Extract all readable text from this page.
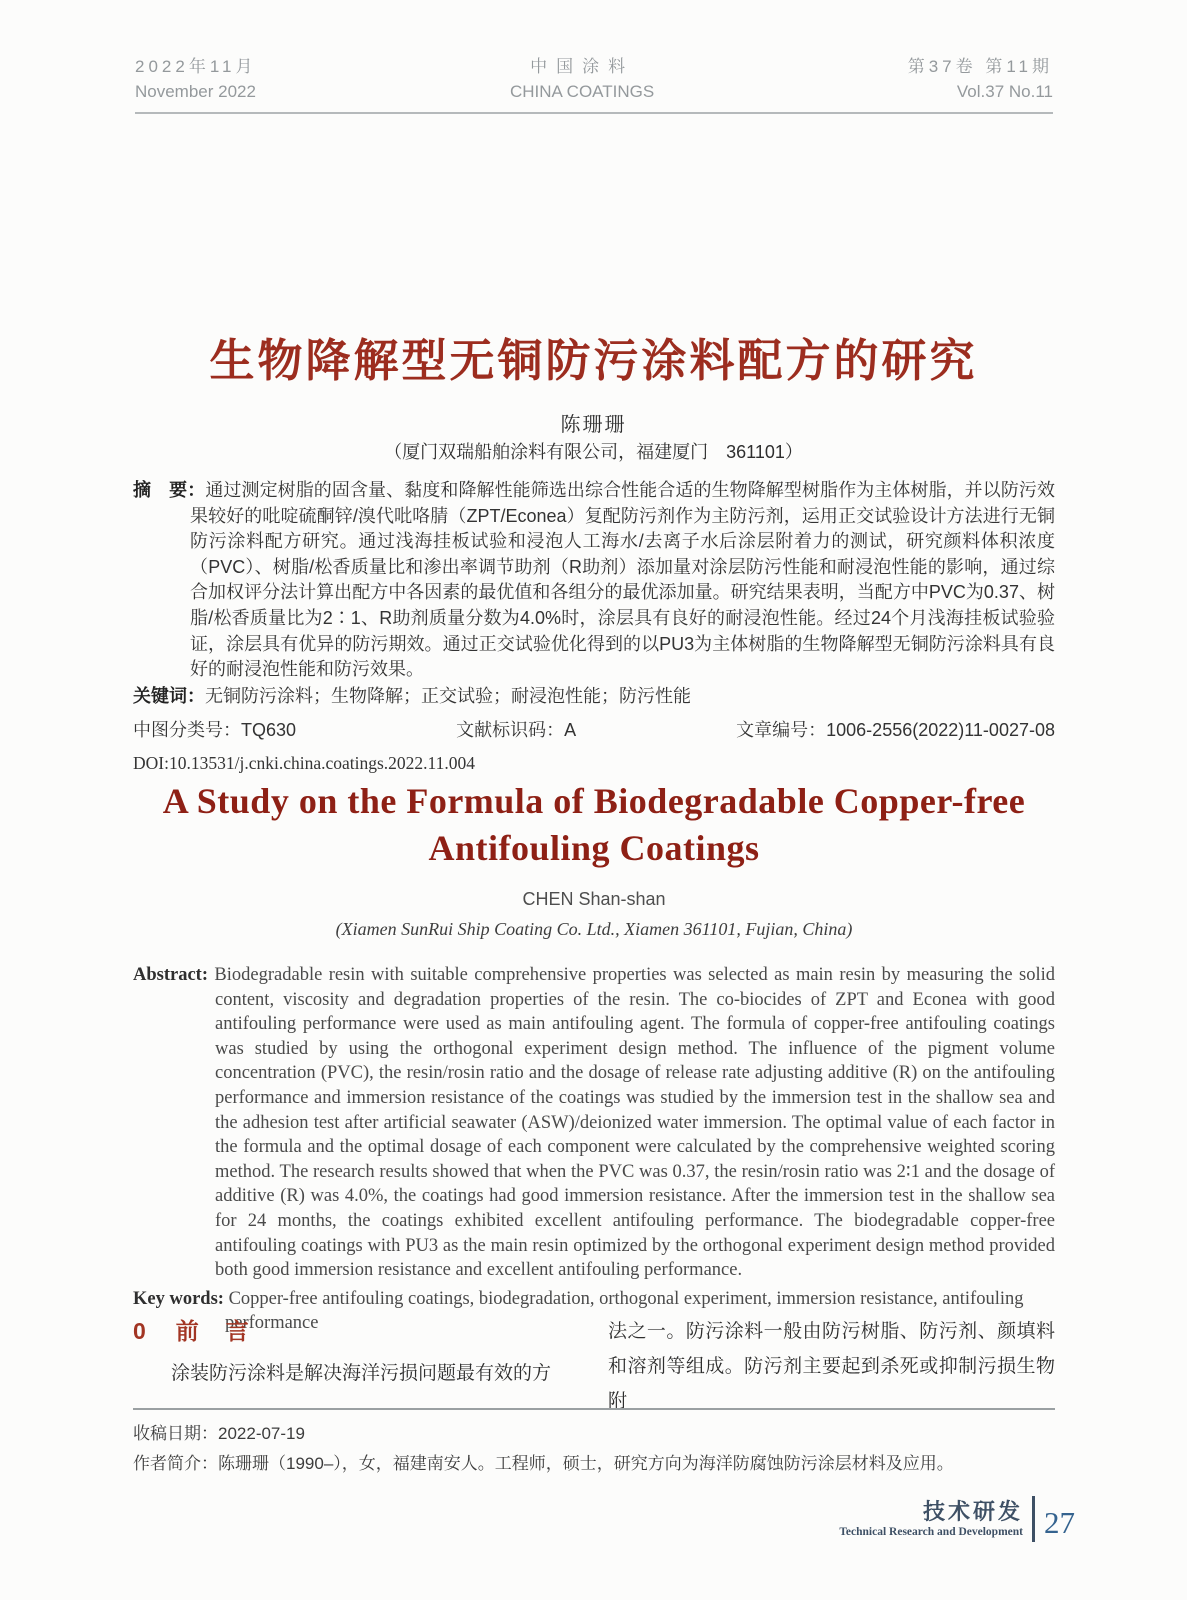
2022年11月
November 2022
中国涂料
CHINA COATINGS
第37卷 第11期
Vol.37 No.11
生物降解型无铜防污涂料配方的研究
陈珊珊
（厦门双瑞船舶涂料有限公司，福建厦门　361101）

摘　要：通过测定树脂的固含量、黏度和降解性能筛选出综合性能合适的生物降解型树脂作为主体树脂，并以防污效果较好的吡啶硫酮锌/溴代吡咯腈（ZPT/Econea）复配防污剂作为主防污剂，运用正交试验设计方法进行无铜防污涂料配方研究。通过浅海挂板试验和浸泡人工海水/去离子水后涂层附着力的测试，研究颜料体积浓度（PVC）、树脂/松香质量比和渗出率调节助剂（R助剂）添加量对涂层防污性能和耐浸泡性能的影响，通过综合加权评分法计算出配方中各因素的最优值和各组分的最优添加量。研究结果表明，当配方中PVC为0.37、树脂/松香质量比为2∶1、R助剂质量分数为4.0%时，涂层具有良好的耐浸泡性能。经过24个月浅海挂板试验验证，涂层具有优异的防污期效。通过正交试验优化得到的以PU3为主体树脂的生物降解型无铜防污涂料具有良好的耐浸泡性能和防污效果。

关键词：无铜防污涂料；生物降解；正交试验；耐浸泡性能；防污性能

中图分类号：TQ630	文献标识码：A	文章编号：1006-2556(2022)11-0027-08
DOI:10.13531/j.cnki.china.coatings.2022.11.004
A Study on the Formula of Biodegradable Copper-free
Antifouling Coatings
CHEN Shan-shan
(Xiamen SunRui Ship Coating Co. Ltd., Xiamen 361101, Fujian, China)

Abstract: Biodegradable resin with suitable comprehensive properties was selected as main resin by measuring the solid content, viscosity and degradation properties of the resin. The co-biocides of ZPT and Econea with good antifouling performance were used as main antifouling agent. The formula of copper-free antifouling coatings was studied by using the orthogonal experiment design method. The influence of the pigment volume concentration (PVC), the resin/rosin ratio and the dosage of release rate adjusting additive (R) on the antifouling performance and immersion resistance of the coatings was studied by the immersion test in the shallow sea and the adhesion test after artificial seawater (ASW)/deionized water immersion. The optimal value of each factor in the formula and the optimal dosage of each component were calculated by the comprehensive weighted scoring method. The research results showed that when the PVC was 0.37, the resin/rosin ratio was 2∶1 and the dosage of additive (R) was 4.0%, the coatings had good immersion resistance. After the immersion test in the shallow sea for 24 months, the coatings exhibited excellent antifouling performance. The biodegradable copper-free antifouling coatings with PU3 as the main resin optimized by the orthogonal experiment design method provided both good immersion resistance and excellent antifouling performance.

Key words: Copper-free antifouling coatings, biodegradation, orthogonal experiment, immersion resistance, antifouling performance

0 前　言

涂装防污涂料是解决海洋污损问题最有效的方

法之一。防污涂料一般由防污树脂、防污剂、颜填料和溶剂等组成。防污剂主要起到杀死或抑制污损生物附

收稿日期：2022-07-19

作者简介：陈珊珊（1990–），女，福建南安人。工程师，硕士，研究方向为海洋防腐蚀防污涂层材料及应用。

技术研发
Technical Research and Development 27
